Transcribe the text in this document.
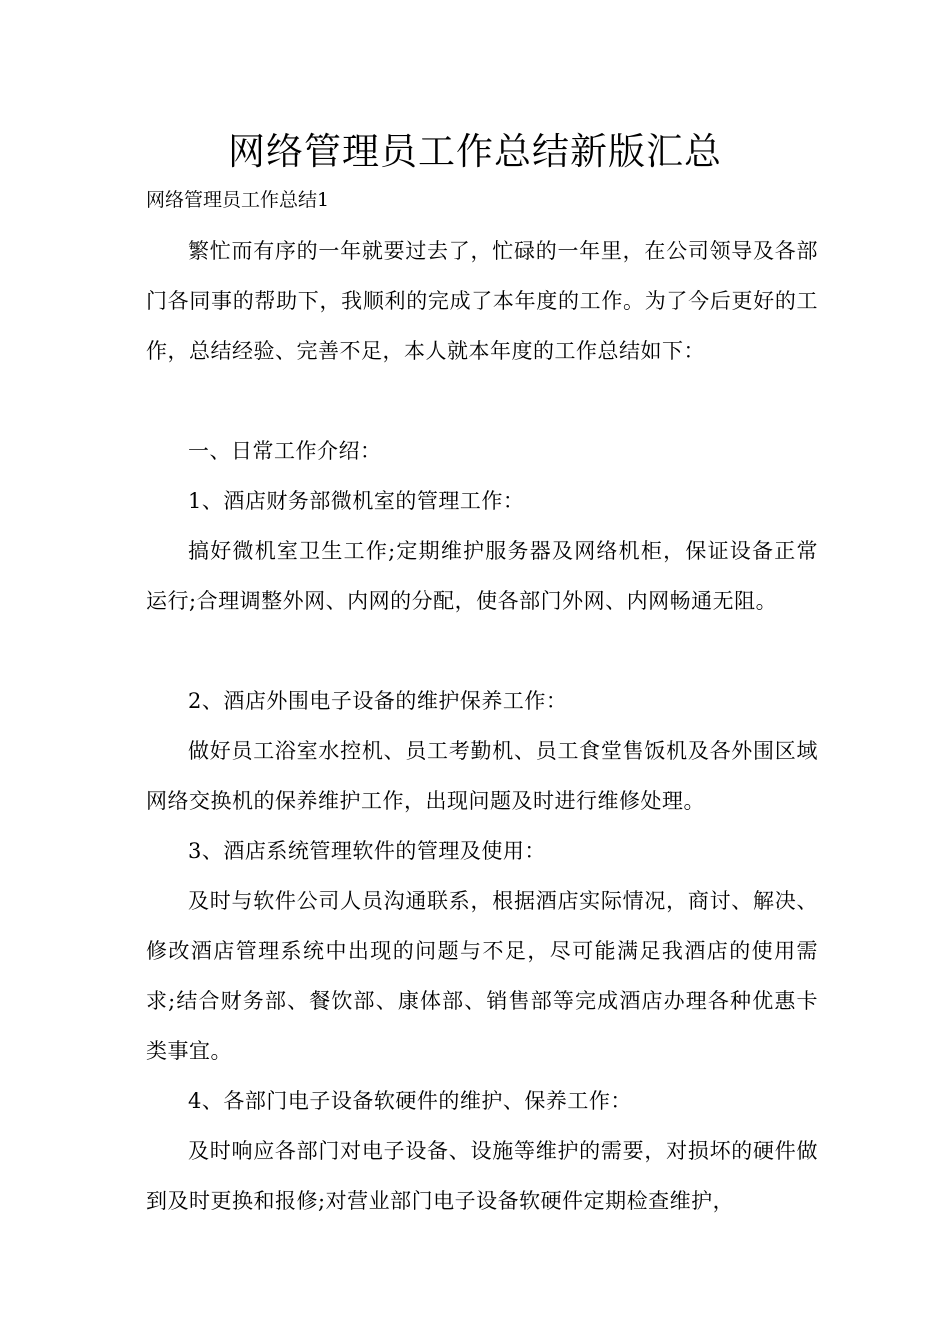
网络管理员工作总结新版汇总

网络管理员工作总结1

繁忙而有序的一年就要过去了，忙碌的一年里，在公司领导及各部门各同事的帮助下，我顺利的完成了本年度的工作。为了今后更好的工作，总结经验、完善不足，本人就本年度的工作总结如下：

一、日常工作介绍：

1、酒店财务部微机室的管理工作：

搞好微机室卫生工作;定期维护服务器及网络机柜，保证设备正常运行;合理调整外网、内网的分配，使各部门外网、内网畅通无阻。

2、酒店外围电子设备的维护保养工作：

做好员工浴室水控机、员工考勤机、员工食堂售饭机及各外围区域网络交换机的保养维护工作，出现问题及时进行维修处理。

3、酒店系统管理软件的管理及使用：

及时与软件公司人员沟通联系，根据酒店实际情况，商讨、解决、修改酒店管理系统中出现的问题与不足，尽可能满足我酒店的使用需求;结合财务部、餐饮部、康体部、销售部等完成酒店办理各种优惠卡类事宜。

4、各部门电子设备软硬件的维护、保养工作：

及时响应各部门对电子设备、设施等维护的需要，对损坏的硬件做到及时更换和报修;对营业部门电子设备软硬件定期检查维护，
